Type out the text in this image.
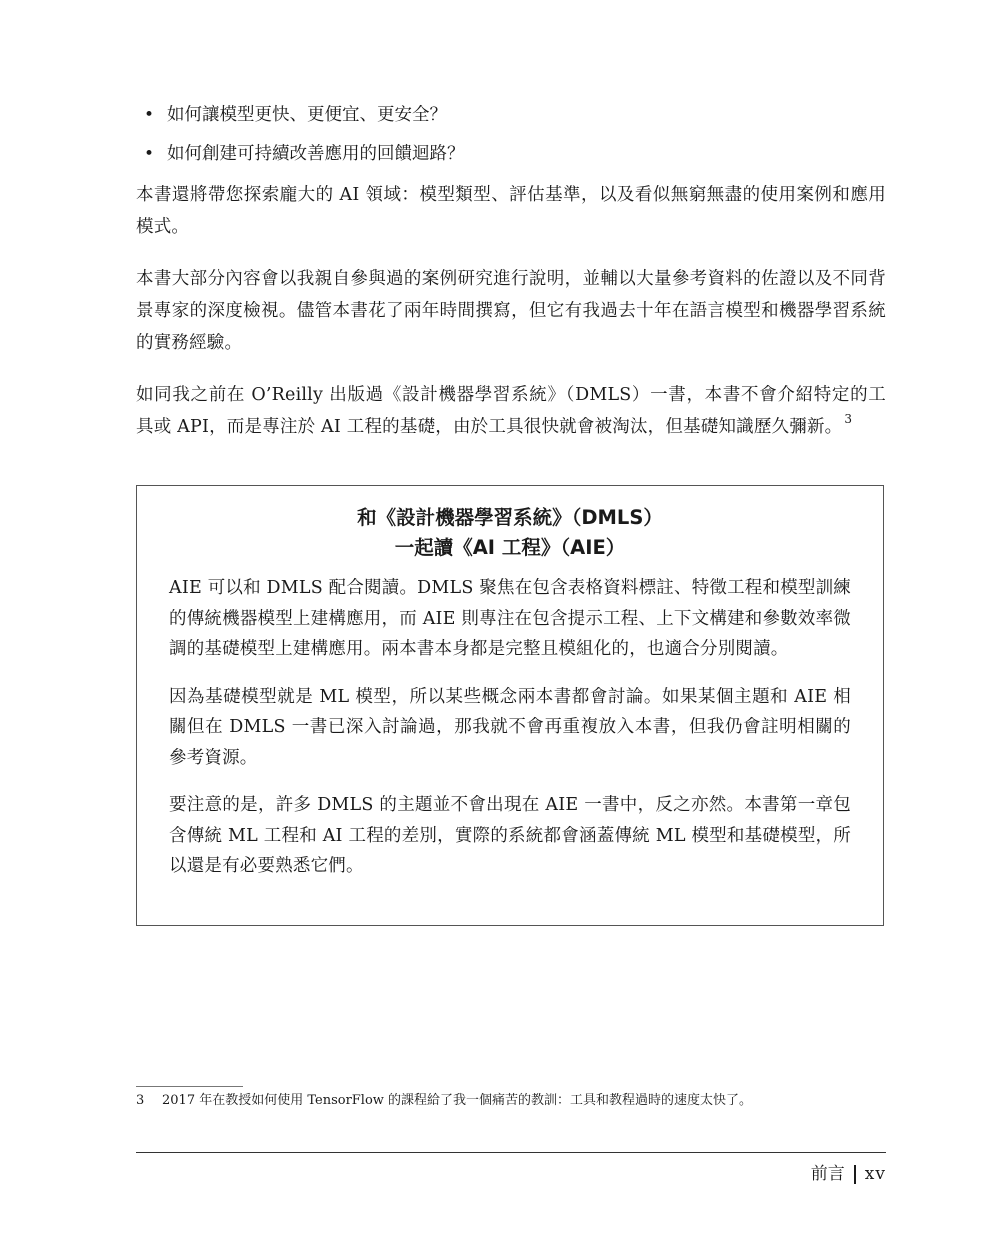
• 如何讓模型更快、更便宜、更安全？
• 如何創建可持續改善應用的回饋迴路？

本書還將帶您探索龐大的 AI 領域：模型類型、評估基準，以及看似無窮無盡的使用案例和應用模式。

本書大部分內容會以我親自參與過的案例研究進行說明，並輔以大量參考資料的佐證以及不同背景專家的深度檢視。儘管本書花了兩年時間撰寫，但它有我過去十年在語言模型和機器學習系統的實務經驗。

如同我之前在 O’Reilly 出版過《設計機器學習系統》（DMLS）一書，本書不會介紹特定的工具或 API，而是專注於 AI 工程的基礎，由於工具很快就會被淘汰，但基礎知識歷久彌新。 $^3$

和《設計機器學習系統》（DMLS）
一起讀《AI 工程》（AIE）

AIE 可以和 DMLS 配合閱讀。DMLS 聚焦在包含表格資料標註、特徵工程和模型訓練的傳統機器模型上建構應用，而 AIE 則專注在包含提示工程、上下文構建和參數效率微調的基礎模型上建構應用。兩本書本身都是完整且模組化的，也適合分別閱讀。

因為基礎模型就是 ML 模型，所以某些概念兩本書都會討論。如果某個主題和 AIE 相關但在 DMLS 一書已深入討論過，那我就不會再重複放入本書，但我仍會註明相關的參考資源。

要注意的是，許多 DMLS 的主題並不會出現在 AIE 一書中，反之亦然。本書第一章包含傳統 ML 工程和 AI 工程的差別，實際的系統都會涵蓋傳統 ML 模型和基礎模型，所以還是有必要熟悉它們。

3 2017 年在教授如何使用 TensorFlow 的課程給了我一個痛苦的教訓：工具和教程過時的速度太快了。
前言 xv
